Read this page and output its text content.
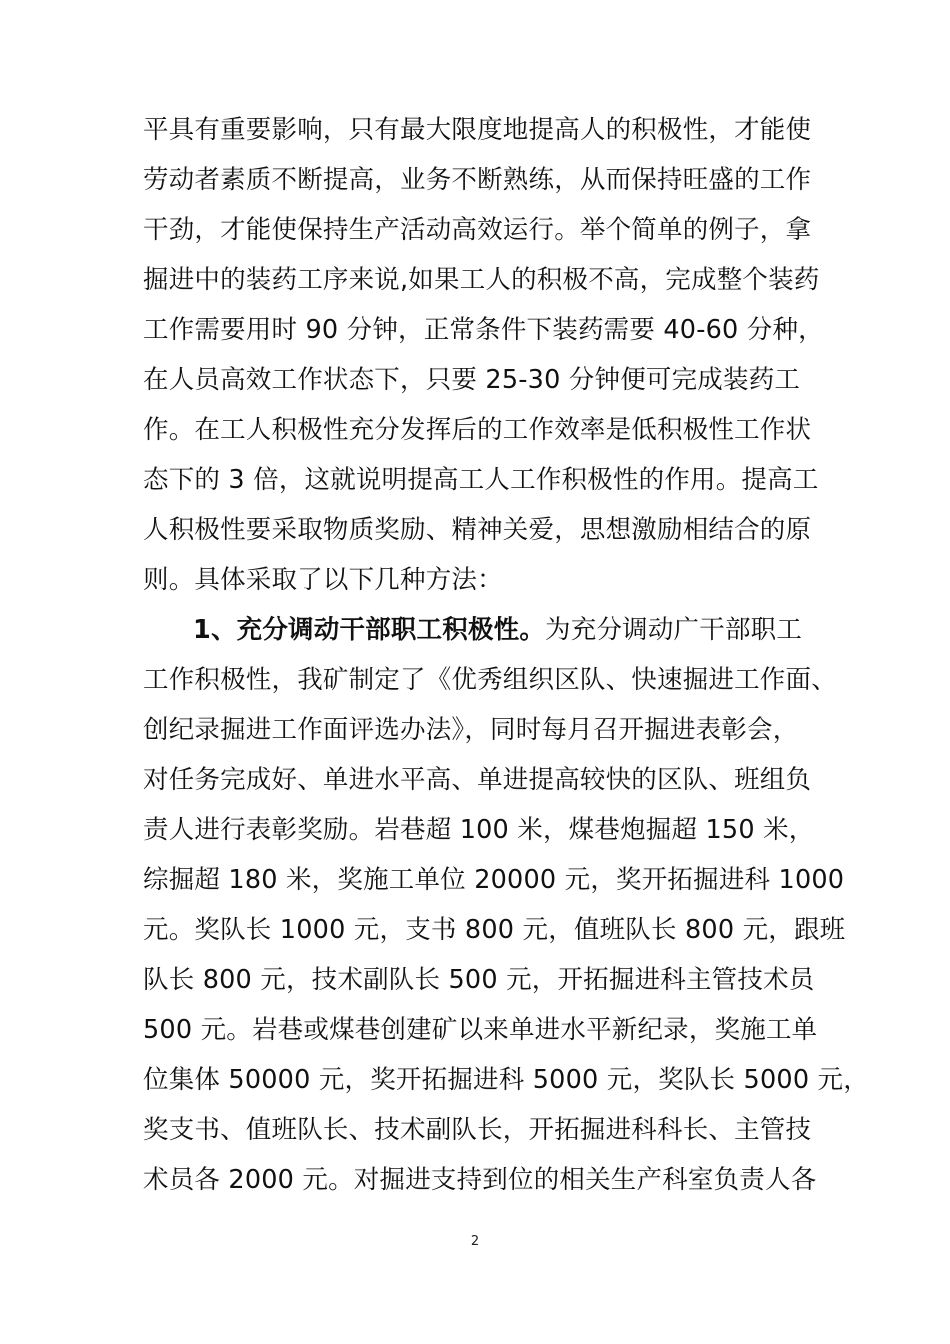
平具有重要影响，只有最大限度地提高人的积极性，才能使
劳动者素质不断提高，业务不断熟练，从而保持旺盛的工作
干劲，才能使保持生产活动高效运行。举个简单的例子，拿
掘进中的装药工序来说,如果工人的积极不高，完成整个装药
工作需要用时 90 分钟，正常条件下装药需要 40-60 分种，
在人员高效工作状态下，只要 25-30 分钟便可完成装药工
作。在工人积极性充分发挥后的工作效率是低积极性工作状
态下的 3 倍，这就说明提高工人工作积极性的作用。提高工
人积极性要采取物质奖励、精神关爱，思想激励相结合的原
则。具体采取了以下几种方法：
1、充分调动干部职工积极性。为充分调动广干部职工
工作积极性，我矿制定了《优秀组织区队、快速掘进工作面、
创纪录掘进工作面评选办法》，同时每月召开掘进表彰会，
对任务完成好、单进水平高、单进提高较快的区队、班组负
责人进行表彰奖励。岩巷超 100 米，煤巷炮掘超 150 米，
综掘超 180 米，奖施工单位 20000 元，奖开拓掘进科 1000
元。奖队长 1000 元，支书 800 元，值班队长 800 元，跟班
队长 800 元，技术副队长 500 元，开拓掘进科主管技术员
500 元。岩巷或煤巷创建矿以来单进水平新纪录，奖施工单
位集体 50000 元，奖开拓掘进科 5000 元，奖队长 5000 元，
奖支书、值班队长、技术副队长，开拓掘进科科长、主管技
术员各 2000 元。对掘进支持到位的相关生产科室负责人各
2
